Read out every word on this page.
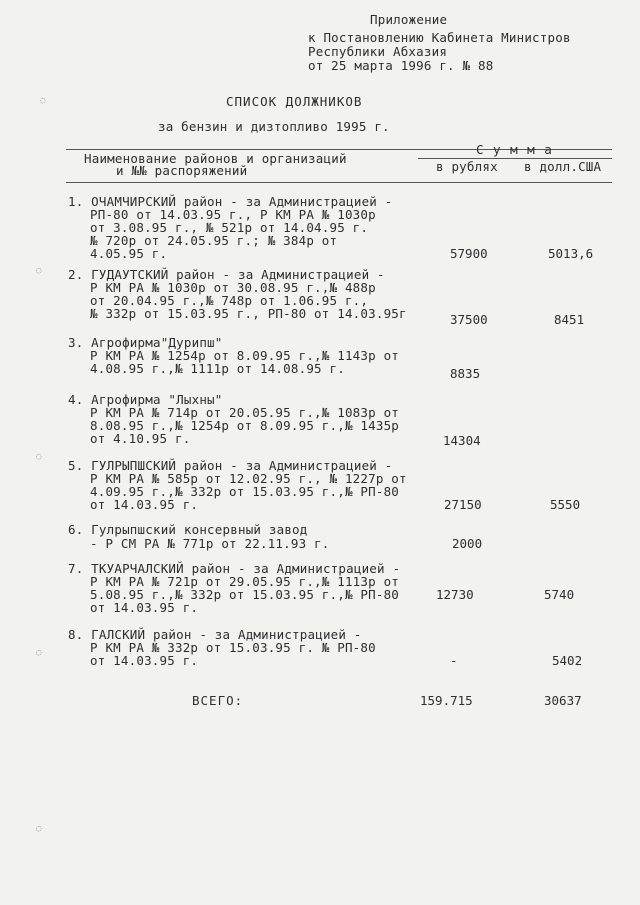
Приложение
к Постановлению Кабинета Министров
Республики Абхазия
от 25 марта 1996 г. № 88
СПИСОК ДОЛЖНИКОВ
за бензин и дизтопливо 1995 г.
Наименование районов и организаций
и №№ распоряжений
С у м м а
в рублях в долл.США
1. ОЧАМЧИРСКИЙ район - за Администрацией -
РП-80 от 14.03.95 г., Р КМ РА № 1030р
от 3.08.95 г., № 521р от 14.04.95 г.
№ 720р от 24.05.95 г.; № 384р от
4.05.95 г.	57900	5013,6
2. ГУДАУТСКИЙ район - за Администрацией -
Р КМ РА № 1030р от 30.08.95 г.,№ 488р
от 20.04.95 г.,№ 748р от 1.06.95 г.,
№ 332р от 15.03.95 г., РП-80 от 14.03.95г	37500	8451
3. Агрофирма"Дурипш"
Р КМ РА № 1254р от 8.09.95 г.,№ 1143р от
4.08.95 г.,№ 1111р от 14.08.95 г.	8835
4. Агрофирма "Лыхны"
Р КМ РА № 714р от 20.05.95 г.,№ 1083р от
8.08.95 г.,№ 1254р от 8.09.95 г.,№ 1435р
от 4.10.95 г.	14304
5. ГУЛРЫПШСКИЙ район - за Администрацией -
Р КМ РА № 585р от 12.02.95 г., № 1227р от
4.09.95 г.,№ 332р от 15.03.95 г.,№ РП-80
от 14.03.95 г.	27150	5550
6. Гулрыпшский консервный завод
- Р СМ РА № 771р от 22.11.93 г.	2000
7. ТКУАРЧАЛСКИЙ район - за Администрацией -
Р КМ РА № 721р от 29.05.95 г.,№ 1113р от
5.08.95 г.,№ 332р от 15.03.95 г.,№ РП-80
от 14.03.95 г.
12730	5740
8. ГАЛСКИЙ район - за Администрацией -
Р КМ РА № 332р от 15.03.95 г. № РП-80
от 14.03.95 г.	-	5402
ВСЕГО:	159.715	30637
◌
◌
◌
◌
◌
